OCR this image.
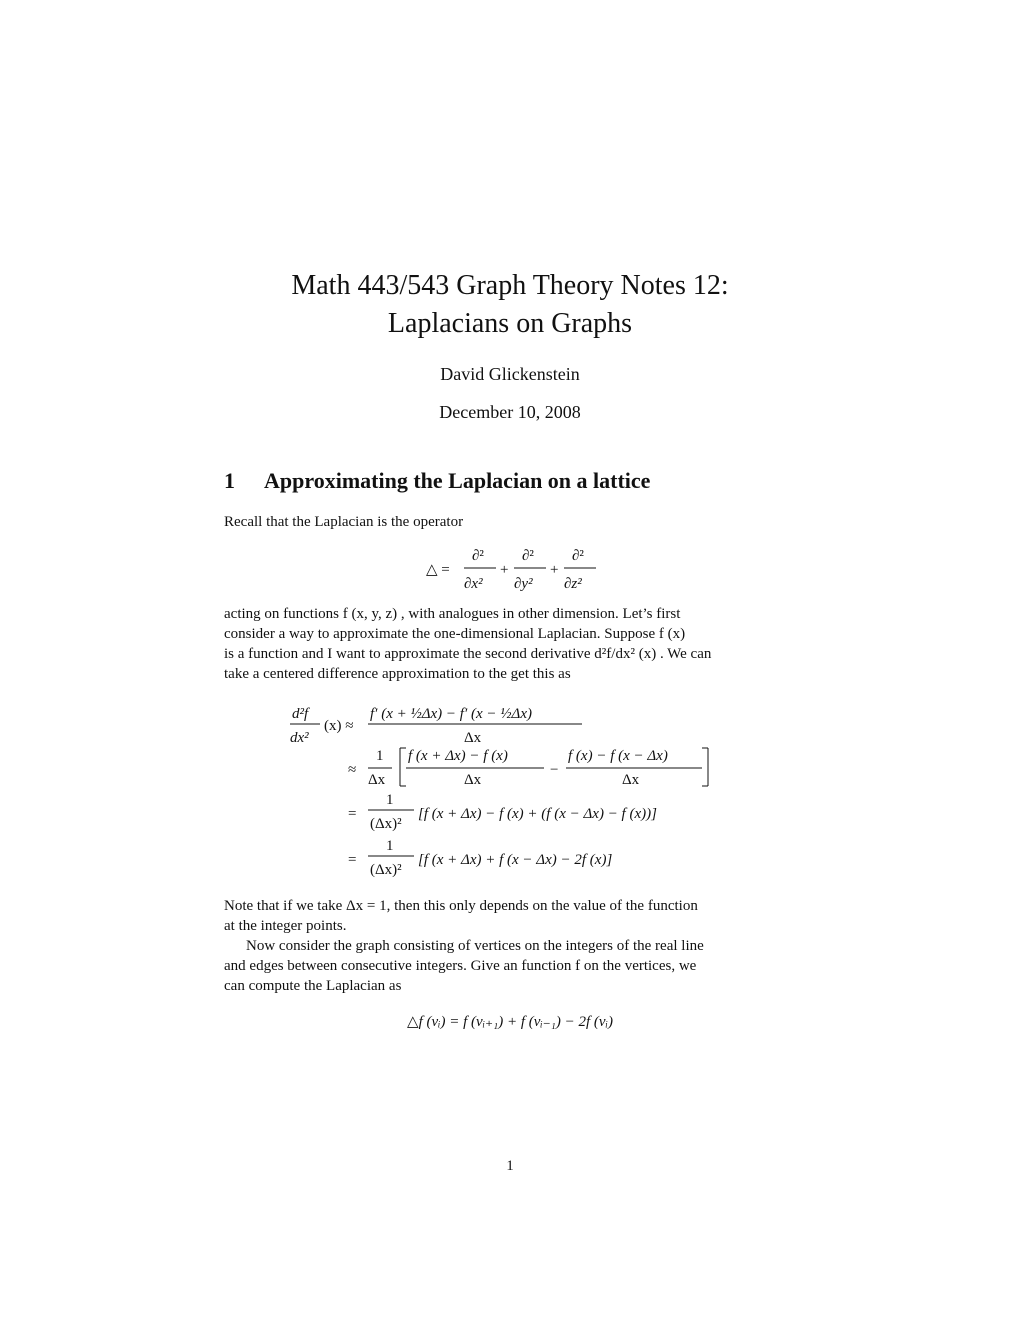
Math 443/543 Graph Theory Notes 12:
Laplacians on Graphs
David Glickenstein
December 10, 2008
1 Approximating the Laplacian on a lattice
Recall that the Laplacian is the operator
△ =
∂²
∂x²
+
∂²
∂y²
+
∂²
∂z²
acting on functions f (x, y, z) , with analogues in other dimension. Let’s first
consider a way to approximate the one-dimensional Laplacian. Suppose f (x)
is a function and I want to approximate the second derivative d²f/dx² (x) . We can
take a centered difference approximation to the get this as
d²f
dx²
(x) ≈
f′ (x + ½Δx) − f′ (x − ½Δx)
Δx
≈
1
Δx
f (x + Δx) − f (x)
Δx
−
f (x) − f (x − Δx)
Δx
=
1
(Δx)²
[f (x + Δx) − f (x) + (f (x − Δx) − f (x))]
=
1
(Δx)²
[f (x + Δx) + f (x − Δx) − 2f (x)]
Note that if we take Δx = 1, then this only depends on the value of the function
at the integer points.
Now consider the graph consisting of vertices on the integers of the real line
and edges between consecutive integers. Give an function f on the vertices, we
can compute the Laplacian as
△f (vᵢ) = f (vᵢ₊₁) + f (vᵢ₋₁) − 2f (vᵢ)
1
